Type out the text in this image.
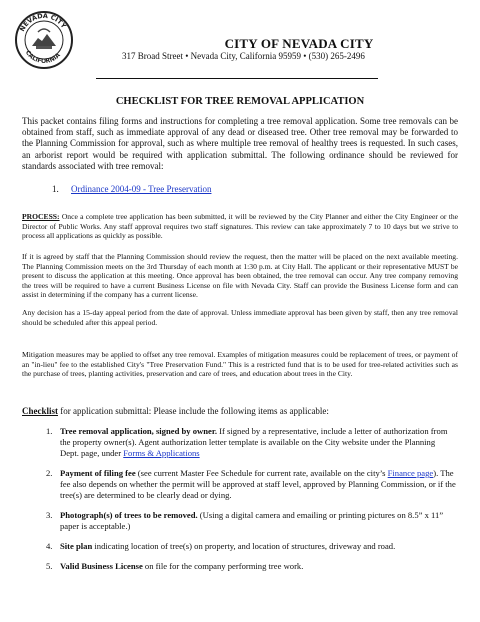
NEVADA CITY
CALIFORNIA
CITY OF NEVADA CITY
317 Broad Street • Nevada City, California 95959 • (530) 265-2496
CHECKLIST FOR TREE REMOVAL APPLICATION
This packet contains filing forms and instructions for completing a tree removal application. Some tree removals can be obtained from staff, such as immediate approval of any dead or diseased tree. Other tree removal may be forwarded to the Planning Commission for approval, such as where multiple tree removal of healthy trees is requested. In such cases, an arborist report would be required with application submittal. The following ordinance should be reviewed for standards associated with tree removal:
1. Ordinance 2004-09 - Tree Preservation
PROCESS: Once a complete tree application has been submitted, it will be reviewed by the City Planner and either the City Engineer or the Director of Public Works. Any staff approval requires two staff signatures. This review can take approximately 7 to 10 days but we strive to process all applications as quickly as possible.
If it is agreed by staff that the Planning Commission should review the request, then the matter will be placed on the next available meeting. The Planning Commission meets on the 3rd Thursday of each month at 1:30 p.m. at City Hall. The applicant or their representative MUST be present to discuss the application at this meeting. Once approval has been obtained, the tree removal can occur. Any tree company removing the trees will be required to have a current Business License on file with Nevada City. Staff can provide the Business License form and can assist in determining if the company has a current license.
Any decision has a 15-day appeal period from the date of approval. Unless immediate approval has been given by staff, then any tree removal should be scheduled after this appeal period.
Mitigation measures may be applied to offset any tree removal. Examples of mitigation measures could be replacement of trees, or payment of an "in-lieu" fee to the established City's "Tree Preservation Fund." This is a restricted fund that is to be used for tree-related activities such as the purchase of trees, planting activities, preservation and care of trees, and education about trees in the City.
Checklist for application submittal: Please include the following items as applicable:
1. Tree removal application, signed by owner. If signed by a representative, include a letter of authorization from the property owner(s). Agent authorization letter template is available on the City website under the Planning Dept. page, under Forms & Applications
2. Payment of filing fee (see current Master Fee Schedule for current rate, available on the city’s Finance page). The fee also depends on whether the permit will be approved at staff level, approved by Planning Commission, or if the tree(s) are determined to be clearly dead or dying.
3. Photograph(s) of trees to be removed. (Using a digital camera and emailing or printing pictures on 8.5” x 11” paper is acceptable.)
4. Site plan indicating location of tree(s) on property, and location of structures, driveway and road.
5. Valid Business License on file for the company performing tree work.
